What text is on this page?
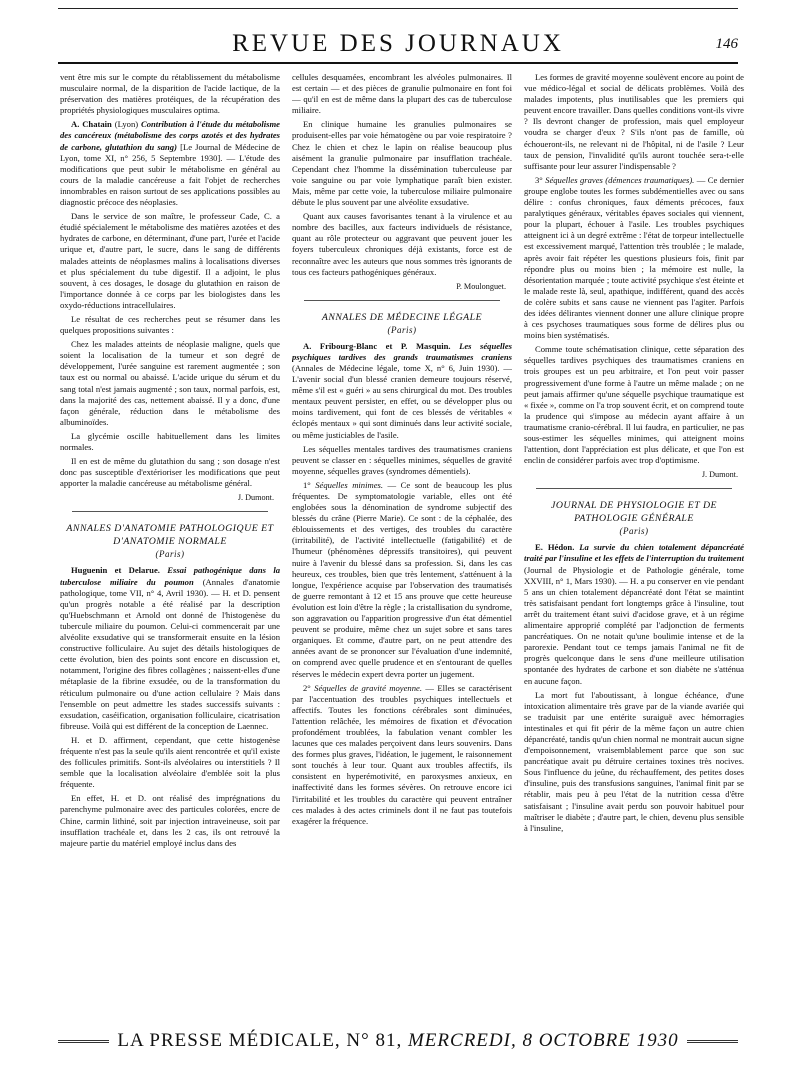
REVUE DES JOURNAUX	146

vent être mis sur le compte du rétablissement du métabolisme musculaire normal, de la disparition de l'acide lactique, de la préservation des matières protéiques, de la récupération des propriétés physiologiques musculaires optima.

A. Chatain (Lyon) Contribution à l'étude du métabolisme des cancéreux (métabolisme des corps azotés et des hydrates de carbone, glutathion du sang) [Le Journal de Médecine de Lyon, tome XI, n° 256, 5 Septembre 1930]. — L'étude des modifications que peut subir le métabolisme en général au cours de la maladie cancéreuse a fait l'objet de recherches innombrables en raison surtout de ses applications possibles au diagnostic précoce des néoplasies.

Dans le service de son maître, le professeur Cade, C. a étudié spécialement le métabolisme des matières azotées et des hydrates de carbone, en déterminant, d'une part, l'urée et l'acide urique et, d'autre part, le sucre, dans le sang de différents malades atteints de néoplasmes malins à localisations diverses et plus spécialement du tube digestif. Il a adjoint, le plus souvent, à ces dosages, le dosage du glutathion en raison de l'importance donnée à ce corps par les biologistes dans les oxydo-réductions intracellulaires.

Le résultat de ces recherches peut se résumer dans les quelques propositions suivantes :

Chez les malades atteints de néoplasie maligne, quels que soient la localisation de la tumeur et son degré de développement, l'urée sanguine est rarement augmentée ; son taux est ou normal ou abaissé. L'acide urique du sérum et du sang total n'est jamais augmenté ; son taux, normal parfois, est, dans la majorité des cas, nettement abaissé. Il y a donc, d'une façon générale, réduction dans le métabolisme des albuminoïdes.

La glycémie oscille habituellement dans les limites normales.

Il en est de même du glutathion du sang ; son dosage n'est donc pas susceptible d'extérioriser les modifications que peut apporter la maladie cancéreuse au métabolisme général.

J. Dumont.

ANNALES D'ANATOMIE PATHOLOGIQUE ET D'ANATOMIE NORMALE
(Paris)

Huguenin et Delarue. Essai pathogénique dans la tuberculose miliaire du poumon (Annales d'anatomie pathologique, tome VII, n° 4, Avril 1930). — H. et D. pensent qu'un progrès notable a été réalisé par la description qu'Huebschmann et Arnold ont donné de l'histogenèse du tubercule miliaire du poumon. Celui-ci commencerait par une alvéolite exsudative qui se transformerait ensuite en la lésion constructive folliculaire. Au sujet des détails histologiques de cette évolution, bien des points sont encore en discussion et, notamment, l'origine des fibres collagènes ; naissent-elles d'une métaplasie de la fibrine exsudée, ou de la transformation du réticulum pulmonaire ou d'une action cellulaire ? Mais dans l'ensemble on peut admettre les stades successifs suivants : exsudation, caséification, organisation folliculaire, cicatrisation fibreuse. Voilà qui est différent de la conception de Laennec.

H. et D. affirment, cependant, que cette histogenèse fréquente n'est pas la seule qu'ils aient rencontrée et qu'il existe des follicules primitifs. Sont-ils alvéolaires ou interstitiels ? Il semble que la localisation alvéolaire d'emblée soit la plus fréquente.

En effet, H. et D. ont réalisé des imprégnations du parenchyme pulmonaire avec des particules colorées, encre de Chine, carmin lithiné, soit par injection intraveineuse, soit par insufflation trachéale et, dans les 2 cas, ils ont retrouvé la majeure partie du matériel employé inclus dans des

cellules desquamées, encombrant les alvéoles pulmonaires. Il est certain — et des pièces de granulie pulmonaire en font foi — qu'il en est de même dans la plupart des cas de tuberculose miliaire.

En clinique humaine les granulies pulmonaires se produisent-elles par voie hématogène ou par voie respiratoire ? Chez le chien et chez le lapin on réalise beaucoup plus aisément la granulie pulmonaire par insufflation trachéale. Cependant chez l'homme la dissémination tuberculeuse par voie sanguine ou par voie lymphatique paraît bien exister. Mais, même par cette voie, la tuberculose miliaire pulmonaire débute le plus souvent par une alvéolite exsudative.

Quant aux causes favorisantes tenant à la virulence et au nombre des bacilles, aux facteurs individuels de résistance, quant au rôle protecteur ou aggravant que peuvent jouer les foyers tuberculeux chroniques déjà existants, force est de reconnaître avec les auteurs que nous sommes très ignorants de tous ces facteurs pathogéniques généraux.

P. Moulonguet.

ANNALES DE MÉDECINE LÉGALE
(Paris)

A. Fribourg-Blanc et P. Masquin. Les séquelles psychiques tardives des grands traumatismes craniens (Annales de Médecine légale, tome X, n° 6, Juin 1930). — L'avenir social d'un blessé cranien demeure toujours réservé, même s'il est « guéri » au sens chirurgical du mot. Des troubles mentaux peuvent persister, en effet, ou se développer plus ou moins tardivement, qui font de ces blessés de véritables « éclopés mentaux » qui sont diminués dans leur activité sociale, ou même justiciables de l'asile.

Les séquelles mentales tardives des traumatismes craniens peuvent se classer en : séquelles minimes, séquelles de gravité moyenne, séquelles graves (syndromes démentiels).

1° Séquelles minimes. — Ce sont de beaucoup les plus fréquentes. De symptomatologie variable, elles ont été englobées sous la dénomination de syndrome subjectif des blessés du crâne (Pierre Marie). Ce sont : de la céphalée, des éblouissements et des vertiges, des troubles du caractère (irritabilité), de l'activité intellectuelle (fatigabilité) et de l'humeur (phénomènes dépressifs transitoires), qui peuvent nuire à l'avenir du blessé dans sa profession. Si, dans les cas heureux, ces troubles, bien que très lentement, s'atténuent à la longue, l'expérience acquise par l'observation des traumatisés de guerre remontant à 12 et 15 ans prouve que cette heureuse évolution est loin d'être la règle ; la cristallisation du syndrome, son aggravation ou l'apparition progressive d'un état démentiel peuvent se produire, même chez un sujet sobre et sans tares organiques. Et comme, d'autre part, on ne peut attendre des années avant de se prononcer sur l'évaluation d'une indemnité, on comprend avec quelle prudence et en s'entourant de quelles réserves le médecin expert devra porter un jugement.

2° Séquelles de gravité moyenne. — Elles se caractérisent par l'accentuation des troubles psychiques intellectuels et affectifs. Toutes les fonctions cérébrales sont diminuées, l'attention relâchée, les mémoires de fixation et d'évocation profondément troublées, la fabulation venant combler les lacunes que ces malades perçoivent dans leurs souvenirs. Dans des formes plus graves, l'idéation, le jugement, le raisonnement sont touchés à leur tour. Quant aux troubles affectifs, ils consistent en hyperémotivité, en paroxysmes anxieux, en inaffectivité dans les formes sévères. On retrouve encore ici l'irritabilité et les troubles du caractère qui peuvent entraîner ces malades à des actes criminels dont il ne faut pas toutefois exagérer la fréquence.

Les formes de gravité moyenne soulèvent encore au point de vue médico-légal et social de délicats problèmes. Voilà des malades impotents, plus inutilisables que les premiers qui peuvent encore travailler. Dans quelles conditions vont-ils vivre ? Ils devront changer de profession, mais quel employeur voudra se charger d'eux ? S'ils n'ont pas de famille, où échoueront-ils, ne relevant ni de l'hôpital, ni de l'asile ? Leur taux de pension, l'invalidité qu'ils auront touchée sera-t-elle suffisante pour leur assurer l'indispensable ?

3° Séquelles graves (démences traumatiques). — Ce dernier groupe englobe toutes les formes subdémentielles avec ou sans délire : confus chroniques, faux déments précoces, faux paralytiques généraux, véritables épaves sociales qui viennent, pour la plupart, échouer à l'asile. Les troubles psychiques atteignent ici à un degré extrême : l'état de torpeur intellectuelle est excessivement marqué, l'attention très troublée ; le malade, après avoir fait répéter les questions plusieurs fois, finit par répondre plus ou moins bien ; la mémoire est nulle, la désorientation marquée ; toute activité psychique s'est éteinte et le malade reste là, seul, apathique, indifférent, quand des accès de colère subits et sans cause ne viennent pas l'agiter. Parfois des idées délirantes viennent donner une allure clinique propre à ces psychoses traumatiques sous forme de délires plus ou moins bien systématisés.

Comme toute schématisation clinique, cette séparation des séquelles tardives psychiques des traumatismes craniens en trois groupes est un peu arbitraire, et l'on peut voir passer progressivement d'une forme à l'autre un même malade ; on ne peut jamais affirmer qu'une séquelle psychique traumatique est « fixée », comme on l'a trop souvent écrit, et on comprend toute la prudence qui s'impose au médecin ayant affaire à un traumatisme cranio-cérébral. Il lui faudra, en particulier, ne pas sous-estimer les séquelles minimes, qui atteignent moins l'attention, dont l'appréciation est plus délicate, et que l'on est enclin de considérer parfois avec trop d'optimisme.

J. Dumont.

JOURNAL DE PHYSIOLOGIE ET DE PATHOLOGIE GÉNÉRALE
(Paris)

E. Hédon. La survie du chien totalement dépancréaté traité par l'insuline et les effets de l'interruption du traitement (Journal de Physiologie et de Pathologie générale, tome XXVIII, n° 1, Mars 1930). — H. a pu conserver en vie pendant 5 ans un chien totalement dépancréaté dont l'état se maintint très satisfaisant pendant fort longtemps grâce à l'insuline, tout arrêt du traitement étant suivi d'acidose grave, et à un régime alimentaire approprié complété par l'adjonction de ferments pancréatiques. On ne notait qu'une boulimie intense et de la parorexie. Pendant tout ce temps jamais l'animal ne fit de progrès quelconque dans le sens d'une meilleure utilisation spontanée des hydrates de carbone et son diabète ne s'atténua en aucune façon.

La mort fut l'aboutissant, à longue échéance, d'une intoxication alimentaire très grave par de la viande avariée qui se traduisit par une entérite suraiguë avec hémorragies intestinales et qui fit périr de la même façon un autre chien dépancréaté, tandis qu'un chien normal ne montrait aucun signe d'empoisonnement, vraisemblablement parce que son suc pancréatique avait pu détruire certaines toxines très nocives. Sous l'influence du jeûne, du réchauffement, des petites doses d'insuline, puis des transfusions sanguines, l'animal finit par se rétablir, mais peu à peu l'état de la nutrition cessa d'être satisfaisant ; l'insuline avait perdu son pouvoir habituel pour maîtriser le diabète ; d'autre part, le chien, devenu plus sensible à l'insuline,

LA PRESSE MÉDICALE, N° 81, MERCREDI, 8 OCTOBRE 1930
